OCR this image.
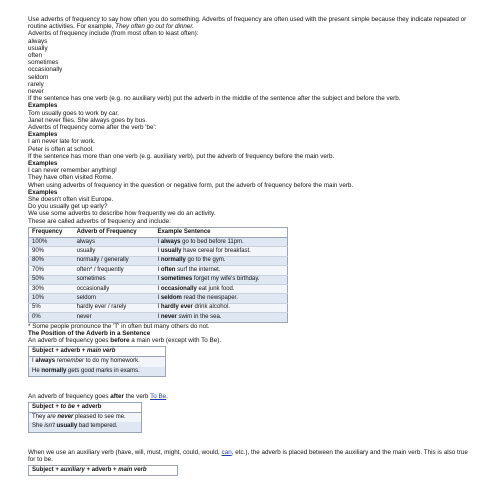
Use adverbs of frequency to say how often you do something. Adverbs of frequency are often used with the present simple because they indicate repeated or routine activities. For example, They often go out for dinner.

Adverbs of frequency include (from most often to least often):

always
usually
often
sometimes
occasionally
seldom
rarely
never

If the sentence has one verb (e.g. no auxiliary verb) put the adverb in the middle of the sentence after the subject and before the verb.

Examples

Tom usually goes to work by car.

Janet never flies. She always goes by bus.

Adverbs of frequency come after the verb 'be':

Examples

I am never late for work.

Peter is often at school.

If the sentence has more than one verb (e.g. auxiliary verb), put the adverb of frequency before the main verb.

Examples

I can never remember anything!

They have often visited Rome.

When using adverbs of frequency in the question or negative form, put the adverb of frequency before the main verb.

Examples

She doesn't often visit Europe.

Do you usually get up early?

We use some adverbs to describe how frequently we do an activity.

These are called adverbs of frequency and include:

Frequency	Adverb of Frequency	Example Sentence
100%	always	I always go to bed before 11pm.
90%	usually	I usually have cereal for breakfast.
80%	normally / generally	I normally go to the gym.
70%	often* / frequently	I often surf the internet.
50%	sometimes	I sometimes forget my wife's birthday.
30%	occasionally	I occasionally eat junk food.
10%	seldom	I seldom read the newspaper.
5%	hardly ever / rarely	I hardly ever drink alcohol.
0%	never	I never swim in the sea.

* Some people pronounce the 'T' in often but many others do not.

The Position of the Adverb in a Sentence

An adverb of frequency goes before a main verb (except with To Be).

Subject + adverb + main verb
I always remember to do my homework.
He normally gets good marks in exams.

An adverb of frequency goes after the verb To Be.

Subject + to be + adverb
They are never pleased to see me.
She isn't usually bad tempered.

When we use an auxiliary verb (have, will, must, might, could, would, can, etc.), the adverb is placed between the auxiliary and the main verb. This is also true for to be.

Subject + auxiliary + adverb + main verb
